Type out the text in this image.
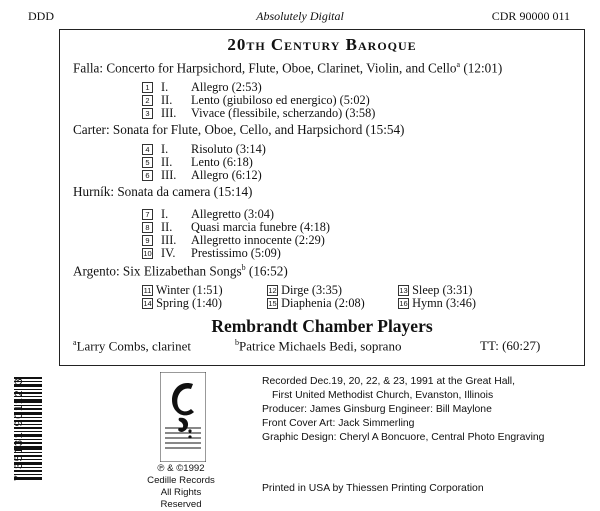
DDD	Absolutely Digital	CDR 90000 011
20th Century Baroque
Falla: Concerto for Harpsichord, Flute, Oboe, Clarinet, Violin, and Cello$^a$ (12:01)
1 I. Allegro (2:53)
2 II. Lento (giubiloso ed energico) (5:02)
3 III. Vivace (flessibile, scherzando) (3:58)
Carter: Sonata for Flute, Oboe, Cello, and Harpsichord (15:54)
4 I. Risoluto (3:14)
5 II. Lento (6:18)
6 III. Allegro (6:12)
Hurník: Sonata da camera (15:14)
7 I. Allegretto (3:04)
8 II. Quasi marcia funebre (4:18)
9 III. Allegretto innocente (2:29)
10 IV. Prestissimo (5:09)
Argento: Six Elizabethan Songs$^b$ (16:52)
11 Winter (1:51)	12 Dirge (3:35)	13 Sleep (3:31)
14 Spring (1:40)	15 Diaphenia (2:08)	16 Hymn (3:46)
Rembrandt Chamber Players
$^a$Larry Combs, clarinet	$^b$Patrice Michaels Bedi, soprano	TT: (60:27)
7 35131 90112 3	℗ & ©1992
Cedille Records
All Rights Reserved
Recorded Dec.19, 20, 22, & 23, 1991 at the Great Hall,
First United Methodist Church, Evanston, Illinois
Producer: James Ginsburg Engineer: Bill Maylone
Front Cover Art: Jack Simmerling
Graphic Design: Cheryl A Boncuore, Central Photo Engraving
Printed in USA by Thiessen Printing Corporation
